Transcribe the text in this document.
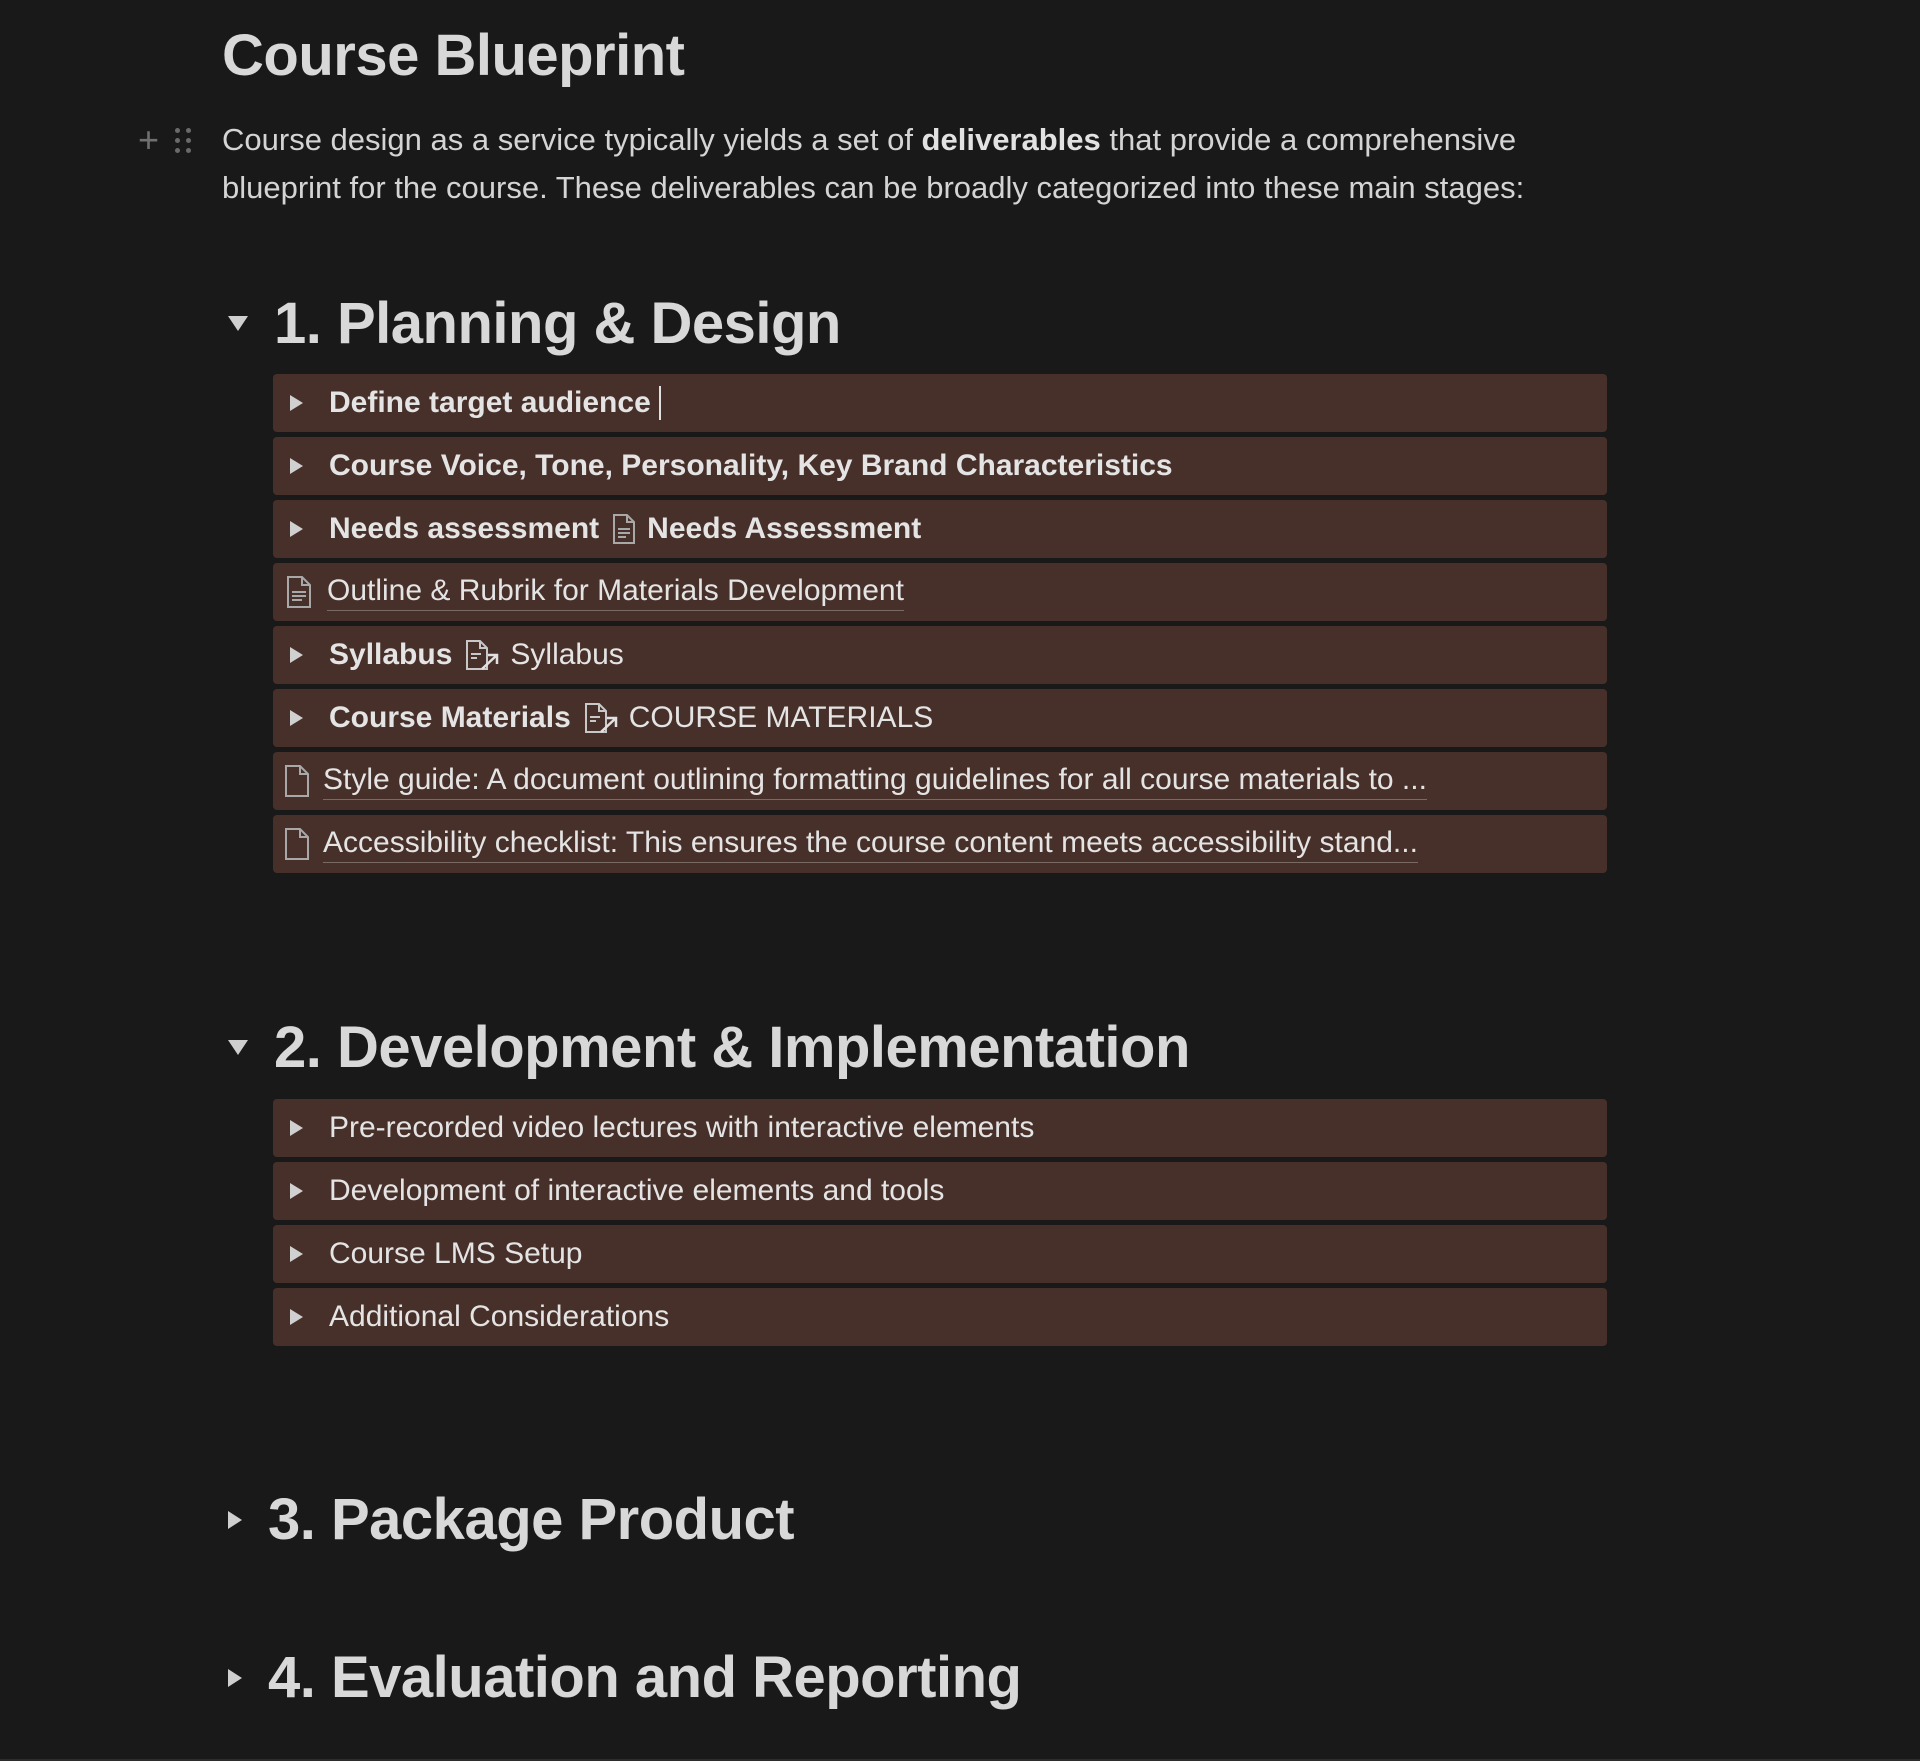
Course Blueprint
+ Course design as a service typically yields a set of deliverables that provide a comprehensive blueprint for the course. These deliverables can be broadly categorized into these main stages:

1. Planning & Design
Define target audience
Course Voice, Tone, Personality, Key Brand Characteristics
Needs assessment Needs Assessment
Outline & Rubrik for Materials Development
Syllabus Syllabus
Course Materials COURSE MATERIALS
Style guide: A document outlining formatting guidelines for all course materials to ...
Accessibility checklist: This ensures the course content meets accessibility stand...
2. Development & Implementation
Pre-recorded video lectures with interactive elements
Development of interactive elements and tools
Course LMS Setup
Additional Considerations
3. Package Product
4. Evaluation and Reporting
